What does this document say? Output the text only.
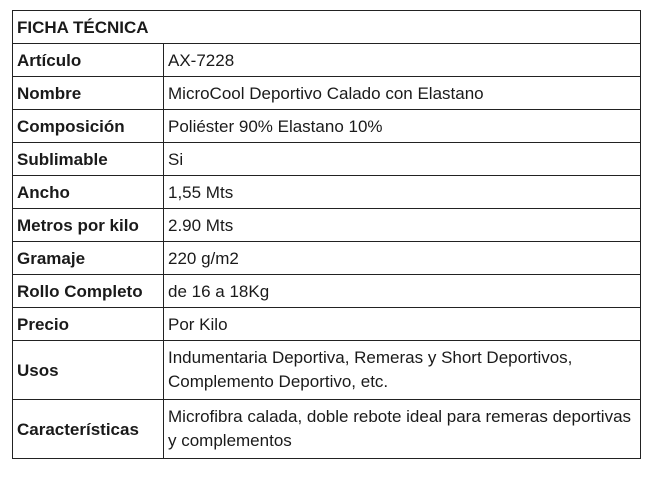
FICHA TÉCNICA	
Artículo	AX-7228
Nombre	MicroCool Deportivo Calado con Elastano
Composición	Poliéster 90% Elastano 10%
Sublimable	Si
Ancho	1,55 Mts
Metros por kilo	2.90 Mts
Gramaje	220 g/m2
Rollo Completo	de 16 a 18Kg
Precio	Por Kilo
Usos	Indumentaria Deportiva, Remeras y Short Deportivos, Complemento Deportivo, etc.
Características	Microfibra calada, doble rebote ideal para remeras deportivas y complementos
